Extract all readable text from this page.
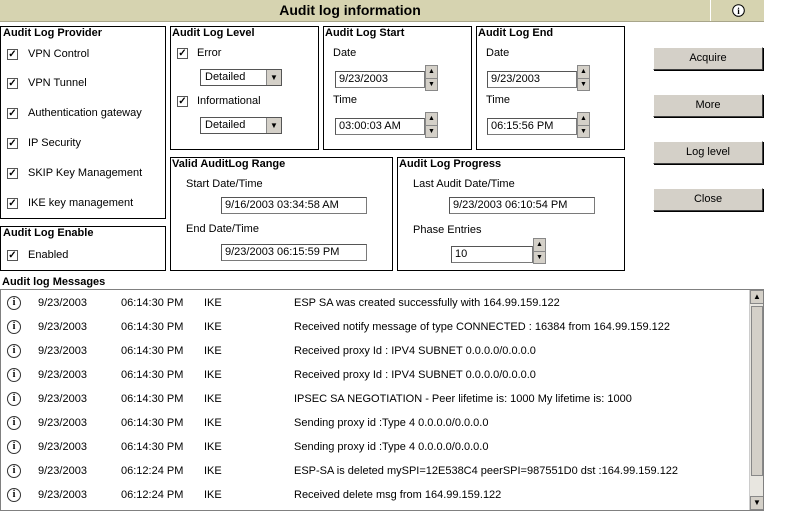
Audit log information	i
Audit Log Provider
✓ VPN Control
✓ VPN Tunnel
✓ Authentication gateway
✓ IP Security
✓ SKIP Key Management
✓ IKE key management
Audit Log Enable
✓ Enabled
Audit Log Level
✓ Error
Detailed	▼
✓ Informational
Detailed	▼
Audit Log Start
Date
9/23/2003
▲
▼
Time
03:00:03 AM
▲
▼
Audit Log End
Date
9/23/2003
▲
▼
Time
06:15:56 PM
▲
▼
Valid AuditLog Range
Start Date/Time
9/16/2003 03:34:58 AM
End Date/Time
9/23/2003 06:15:59 PM
Audit Log Progress
Last Audit Date/Time
9/23/2003 06:10:54 PM
Phase Entries
10
▲
▼
Acquire
More
Log level
Close
Audit log Messages
i	9/23/2003	06:14:30 PM IKE	ESP SA was created successfully with 164.99.159.122
i	9/23/2003	06:14:30 PM IKE	Received notify message of type CONNECTED : 16384 from 164.99.159.122
i	9/23/2003	06:14:30 PM IKE	Received proxy Id : IPV4 SUBNET 0.0.0.0/0.0.0.0
i	9/23/2003	06:14:30 PM IKE	Received proxy Id : IPV4 SUBNET 0.0.0.0/0.0.0.0
i	9/23/2003	06:14:30 PM IKE	IPSEC SA NEGOTIATION - Peer lifetime is: 1000 My lifetime is: 1000
i	9/23/2003	06:14:30 PM IKE	Sending proxy id :Type 4 0.0.0.0/0.0.0.0
i	9/23/2003	06:14:30 PM IKE	Sending proxy id :Type 4 0.0.0.0/0.0.0.0
i	9/23/2003	06:12:24 PM IKE	ESP-SA is deleted mySPI=12E538C4 peerSPI=987551D0 dst :164.99.159.122
i	9/23/2003	06:12:24 PM IKE	Received delete msg from 164.99.159.122
▲
▼
